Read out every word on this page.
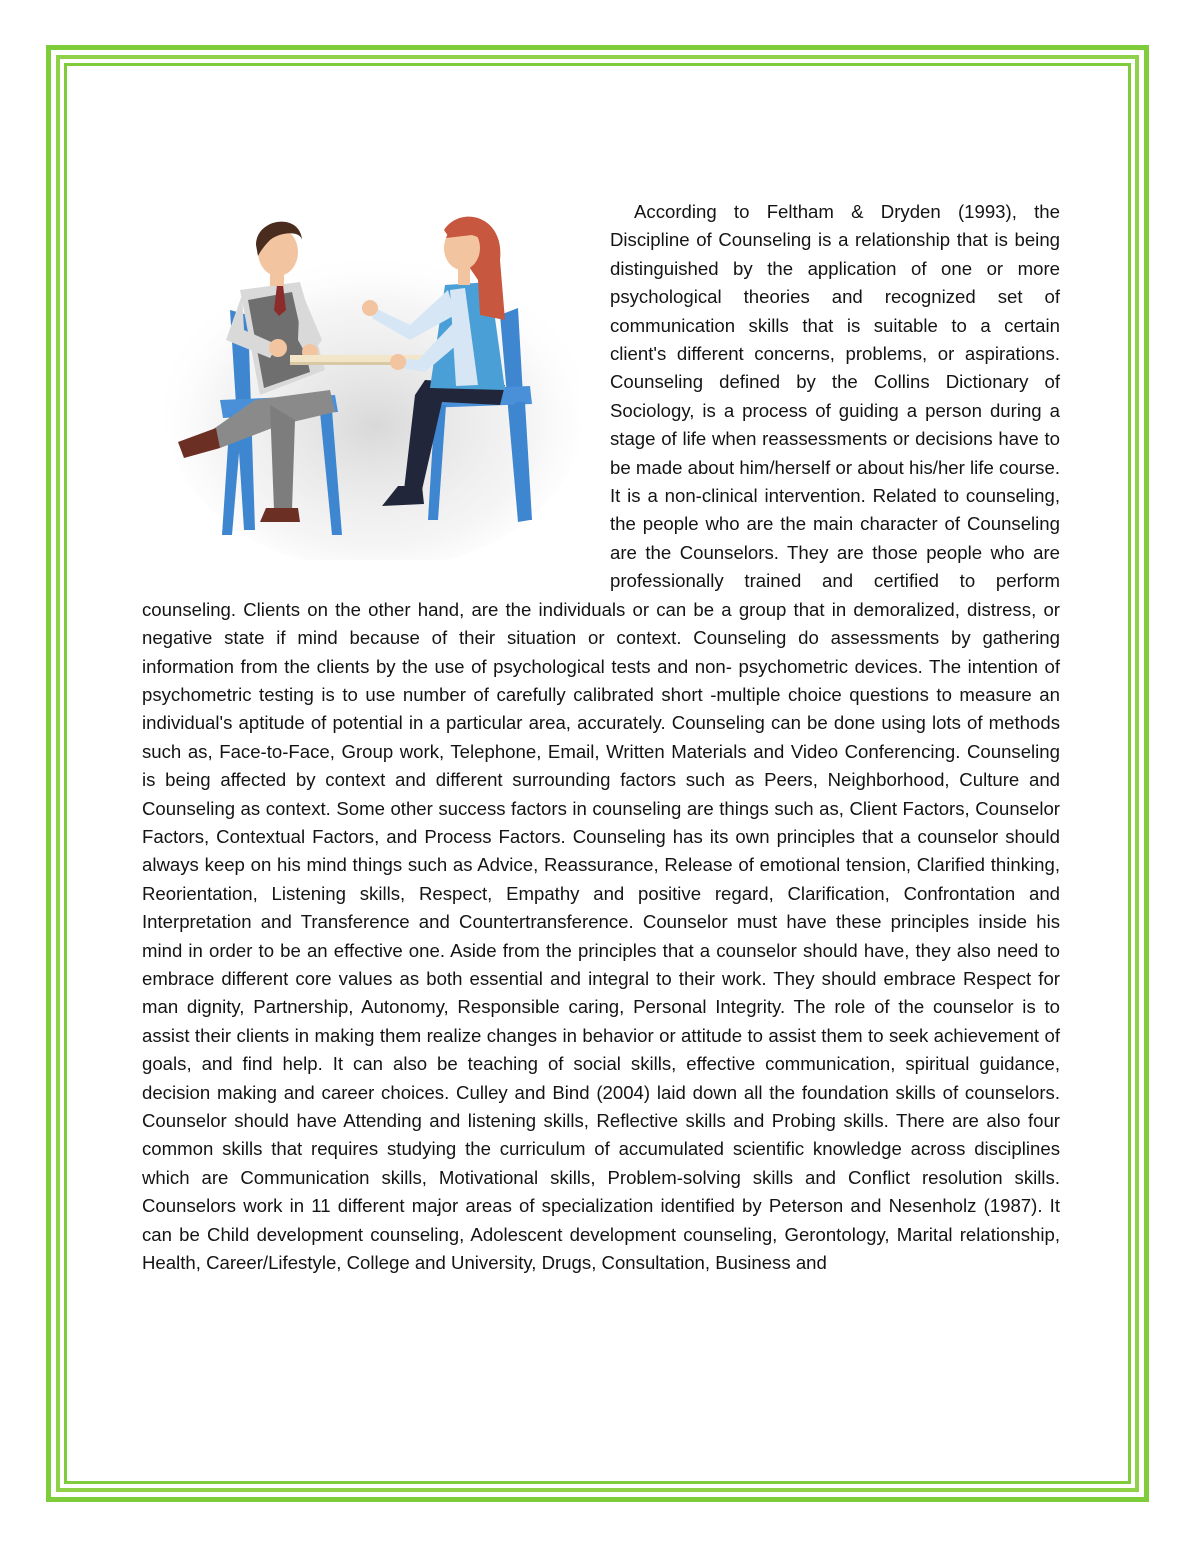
According to Feltham & Dryden (1993), the Discipline of Counseling is a relationship that is being distinguished by the application of one or more psychological theories and recognized set of communication skills that is suitable to a certain client's different concerns, problems, or aspirations. Counseling defined by the Collins Dictionary of Sociology, is a process of guiding a person during a stage of life when reassessments or decisions have to be made about him/herself or about his/her life course. It is a non-clinical intervention. Related to counseling, the people who are the main character of Counseling are the Counselors. They are those people who are professionally trained and certified to perform counseling. Clients on the other hand, are the individuals or can be a group that in demoralized, distress, or negative state if mind because of their situation or context. Counseling do assessments by gathering information from the clients by the use of psychological tests and non- psychometric devices. The intention of psychometric testing is to use number of carefully calibrated short -multiple choice questions to measure an individual's aptitude of potential in a particular area, accurately. Counseling can be done using lots of methods such as, Face-to-Face, Group work, Telephone, Email, Written Materials and Video Conferencing. Counseling is being affected by context and different surrounding factors such as Peers, Neighborhood, Culture and Counseling as context. Some other success factors in counseling are things such as, Client Factors, Counselor Factors, Contextual Factors, and Process Factors. Counseling has its own principles that a counselor should always keep on his mind things such as Advice, Reassurance, Release of emotional tension, Clarified thinking, Reorientation, Listening skills, Respect, Empathy and positive regard, Clarification, Confrontation and Interpretation and Transference and Countertransference. Counselor must have these principles inside his mind in order to be an effective one. Aside from the principles that a counselor should have, they also need to embrace different core values as both essential and integral to their work. They should embrace Respect for man dignity, Partnership, Autonomy, Responsible caring, Personal Integrity. The role of the counselor is to assist their clients in making them realize changes in behavior or attitude to assist them to seek achievement of goals, and find help. It can also be teaching of social skills, effective communication, spiritual guidance, decision making and career choices. Culley and Bind (2004) laid down all the foundation skills of counselors. Counselor should have Attending and listening skills, Reflective skills and Probing skills. There are also four common skills that requires studying the curriculum of accumulated scientific knowledge across disciplines which are Communication skills, Motivational skills, Problem-solving skills and Conflict resolution skills. Counselors work in 11 different major areas of specialization identified by Peterson and Nesenholz (1987). It can be Child development counseling, Adolescent development counseling, Gerontology, Marital relationship, Health, Career/Lifestyle, College and University, Drugs, Consultation, Business and
